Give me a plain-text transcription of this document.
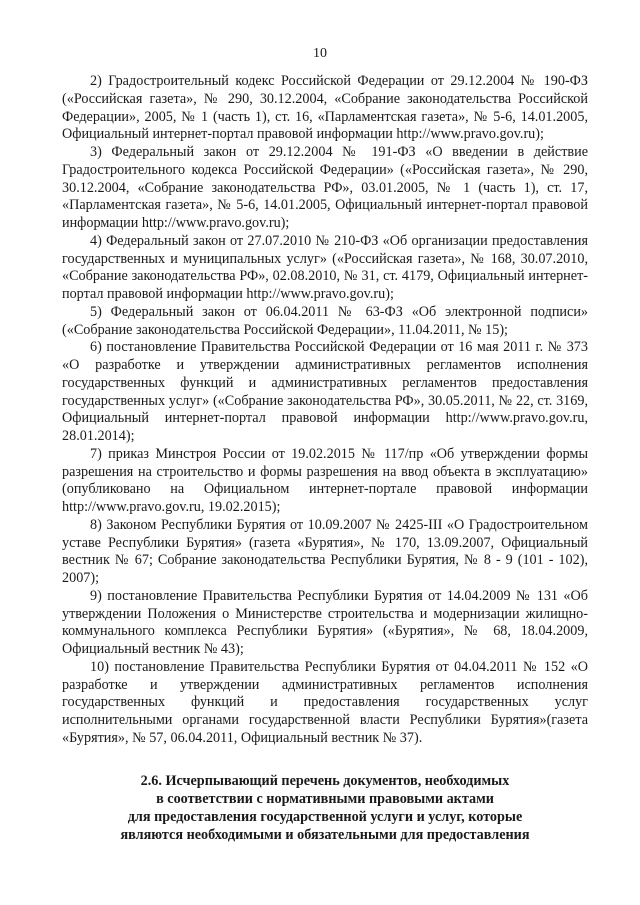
10

2) Градостроительный кодекс Российской Федерации от 29.12.2004 № 190-ФЗ («Российская газета», № 290, 30.12.2004, «Собрание законодательства Российской Федерации», 2005, № 1 (часть 1), ст. 16, «Парламентская газета», № 5-6, 14.01.2005, Официальный интернет-портал правовой информации http://www.pravo.gov.ru);

3) Федеральный закон от 29.12.2004 № 191-ФЗ «О введении в действие Градостроительного кодекса Российской Федерации» («Российская газета», № 290, 30.12.2004, «Собрание законодательства РФ», 03.01.2005, № 1 (часть 1), ст. 17, «Парламентская газета», № 5-6, 14.01.2005, Официальный интернет-портал правовой информации http://www.pravo.gov.ru);

4) Федеральный закон от 27.07.2010 № 210-ФЗ «Об организации предоставления государственных и муниципальных услуг» («Российская газета», № 168, 30.07.2010, «Собрание законодательства РФ», 02.08.2010, № 31, ст. 4179, Официальный интернет-портал правовой информации http://www.pravo.gov.ru);

5) Федеральный закон от 06.04.2011 № 63-ФЗ «Об электронной подписи» («Собрание законодательства Российской Федерации», 11.04.2011, № 15);

6) постановление Правительства Российской Федерации от 16 мая 2011 г. № 373 «О разработке и утверждении административных регламентов исполнения государственных функций и административных регламентов предоставления государственных услуг» («Собрание законодательства РФ», 30.05.2011, № 22, ст. 3169, Официальный интернет-портал правовой информации http://www.pravo.gov.ru, 28.01.2014);

7) приказ Минстроя России от 19.02.2015 № 117/пр «Об утверждении формы разрешения на строительство и формы разрешения на ввод объекта в эксплуатацию» (опубликовано на Официальном интернет-портале правовой информации http://www.pravo.gov.ru, 19.02.2015);

8) Законом Республики Бурятия от 10.09.2007 № 2425-III «О Градостроительном уставе Республики Бурятия» (газета «Бурятия», № 170, 13.09.2007, Официальный вестник № 67; Собрание законодательства Республики Бурятия, № 8 - 9 (101 - 102), 2007);

9) постановление Правительства Республики Бурятия от 14.04.2009 № 131 «Об утверждении Положения о Министерстве строительства и модернизации жилищно-коммунального комплекса Республики Бурятия» («Бурятия», № 68, 18.04.2009, Официальный вестник № 43);

10) постановление Правительства Республики Бурятия от 04.04.2011 № 152 «О разработке и утверждении административных регламентов исполнения государственных функций и предоставления государственных услуг исполнительными органами государственной власти Республики Бурятия»(газета «Бурятия», № 57, 06.04.2011, Официальный вестник № 37).

2.6. Исчерпывающий перечень документов, необходимых
в соответствии с нормативными правовыми актами
для предоставления государственной услуги и услуг, которые
являются необходимыми и обязательными для предоставления
